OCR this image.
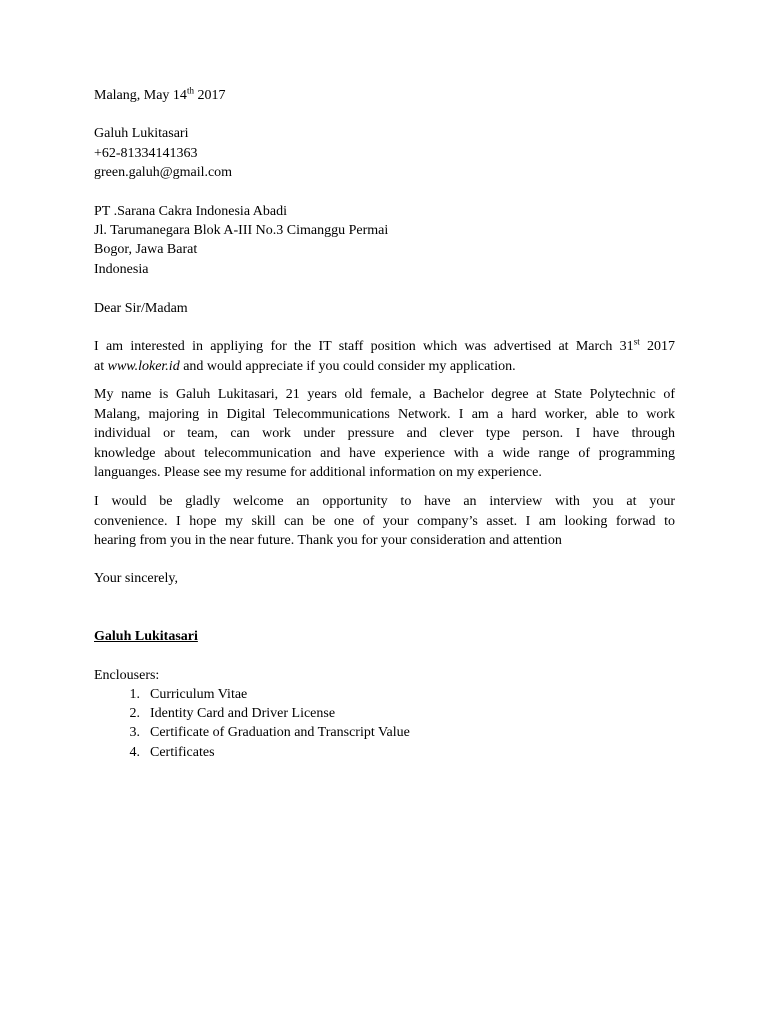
Malang, May 14th 2017
Galuh Lukitasari
+62-81334141363
green.galuh@gmail.com
PT .Sarana Cakra Indonesia Abadi
Jl. Tarumanegara Blok A-III No.3 Cimanggu Permai
Bogor, Jawa Barat
Indonesia
Dear Sir/Madam
I am interested in appliying for the IT staff position which was advertised at March 31st 2017
at www.loker.id and would appreciate if you could consider my application.
My name is Galuh Lukitasari, 21 years old female, a Bachelor degree at State Polytechnic of
Malang, majoring in Digital Telecommunications Network. I am a hard worker, able to work
individual or team, can work under pressure and clever type person. I have through
knowledge about telecommunication and have experience with a wide range of programming
languanges. Please see my resume for additional information on my experience.
I would be gladly welcome an opportunity to have an interview with you at your
convenience. I hope my skill can be one of your company’s asset. I am looking forwad to
hearing from you in the near future. Thank you for your consideration and attention
Your sincerely,
Galuh Lukitasari
Enclousers:
1. Curriculum Vitae
2. Identity Card and Driver License
3. Certificate of Graduation and Transcript Value
4. Certificates
